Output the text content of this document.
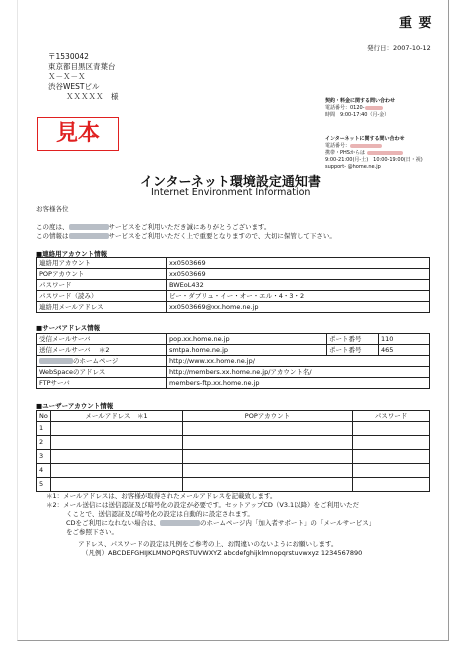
重 要
発行日：2007-10-12
〒1530042
東京都目黒区青葉台
Ｘ－Ｘ－Ｘ
渋谷WESTビル
ＸＸＸＸＸ　様	契約・料金に関する問い合わせ
電話番号：0120-
時間　9:00-17:40（月-金）
インターネットに関する問い合わせ
電話番号：
携帯・PHSからは
9:00-21:00(月-土)　10:00-19:00(日・祝)
support- @home.ne.jp
見本
インターネット環境設定通知書
Internet Environment Information
お客様各位
この度は、	サービスをご利用いただき誠にありがとうございます。
この情報は	サービスをご利用いただく上で重要となりますので、大切に保管して下さい。
■連絡用アカウント情報
連絡用アカウント	xx0503669
POPアカウント	xx0503669
パスワード	BWEoL432
パスワード（読み）	ビー・ダブリュ・イー・オー・エル・4・3・2
連絡用メールアドレス	xx0503669@xx.home.ne.jp
■サーバアドレス情報
受信メールサーバ	pop.xx.home.ne.jp	ポート番号	110
送信メールサーバ ＊2	smtpa.home.ne.jp	ポート番号	465
のホームページ	http://www.xx.home.ne.jp/		
WebSpaceのアドレス	http://members.xx.home.ne.jp/アカウント名/		
FTPサーバ	members-ftp.xx.home.ne.jp		
■ユーザーアカウント情報
No	メールアドレス　＊1	POPアカウント	パスワード
1			
2			
3			
4			
5			
＊1：メールアドレスは、お客様が取得されたメールアドレスを記載致します。
＊2：メール送信には送信認証及び暗号化の設定が必要です。セットアップCD（V3.1以降）をご利用いただ
くことで、送信認証及び暗号化の設定は自動的に設定されます。
CDをご利用になれない場合は、	のホームページ内「加入者サポート」の「メールサービス」
をご参照下さい。
アドレス、パスワードの設定は凡例をご参考の上、お間違いのないようにお願いします。
（凡例）ABCDEFGHIJKLMNOPQRSTUVWXYZ abcdefghijklmnopqrstuvwxyz 1234567890
